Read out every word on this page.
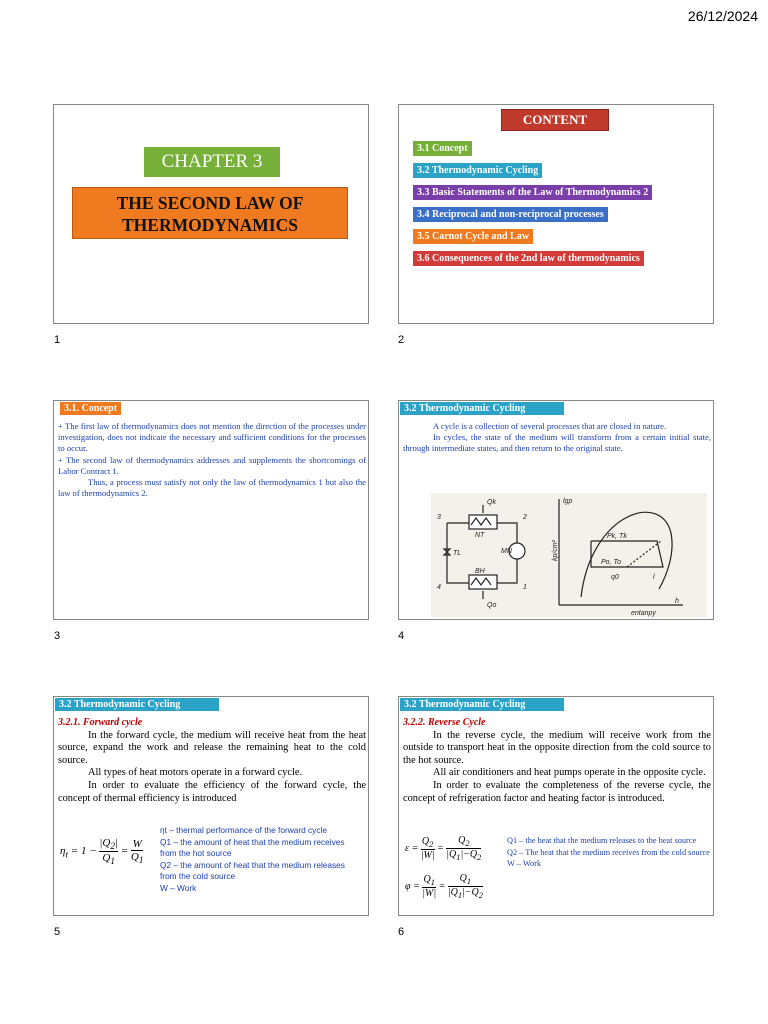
26/12/2024
CHAPTER 3
THE SECOND LAW OF
THERMODYNAMICS
1
CONTENT
3.1 Concept
3.2 Thermodynamic Cycling
3.3 Basic Statements of the Law of Thermodynamics 2
3.4 Reciprocal and non-reciprocal processes
3.5 Carnot Cycle and Law
3.6 Consequences of the 2nd law of thermodynamics
2
3.1. Concept

+ The first law of thermodynamics does not mention the direction of the processes under investigation, does not indicate the necessary and sufficient conditions for the processes to occur.

+ The second law of thermodynamics addresses and supplements the shortcomings of Labor Contract 1.

Thus, a process must satisfy not only the law of thermodynamics 1 but also the law of thermodynamics 2.

3
3.2 Thermodynamic Cycling

A cycle is a collection of several processes that are closed in nature.

In cycles, the state of the medium will transform from a certain initial state, through intermediate states, and then return to the original state.

3	2
4	1
Qk
NT
MN
TL
BH
Qo
lgp
kp/cm²
entanpy
h
Pk, Tk
Po, To
q0	l
4
3.2 Thermodynamic Cycling
3.2.1. Forward cycle

In the forward cycle, the medium will receive heat from the heat source, expand the work and release the remaining heat to the cold source.

All types of heat motors operate in a forward cycle.

In order to evaluate the efficiency of the forward cycle, the concept of thermal efficiency is introduced

$\eta_t = 1 - \frac{|Q_2|}{Q_1} = \frac{W}{Q_1}$
ηt – thermal performance of the forward cycle
Q1 – the amount of heat that the medium receives from the hot source
Q2 – the amount of heat that the medium releases from the cold source
W – Work
5
3.2 Thermodynamic Cycling
3.2.2. Reverse Cycle

In the reverse cycle, the medium will receive work from the outside to transport heat in the opposite direction from the cold source to the hot source.

All air conditioners and heat pumps operate in the opposite cycle.

In order to evaluate the completeness of the reverse cycle, the concept of refrigeration factor and heating factor is introduced.

$\varepsilon = \frac{Q_2}{|W|} = \frac{Q_2}{|Q_1|-Q_2}$
$\varphi = \frac{Q_1}{|W|} = \frac{Q_1}{|Q_1|-Q_2}$
Q1 – the heat that the medium releases to the heat source
Q2 – The heat that the medium receives from the cold source
W – Work
6
